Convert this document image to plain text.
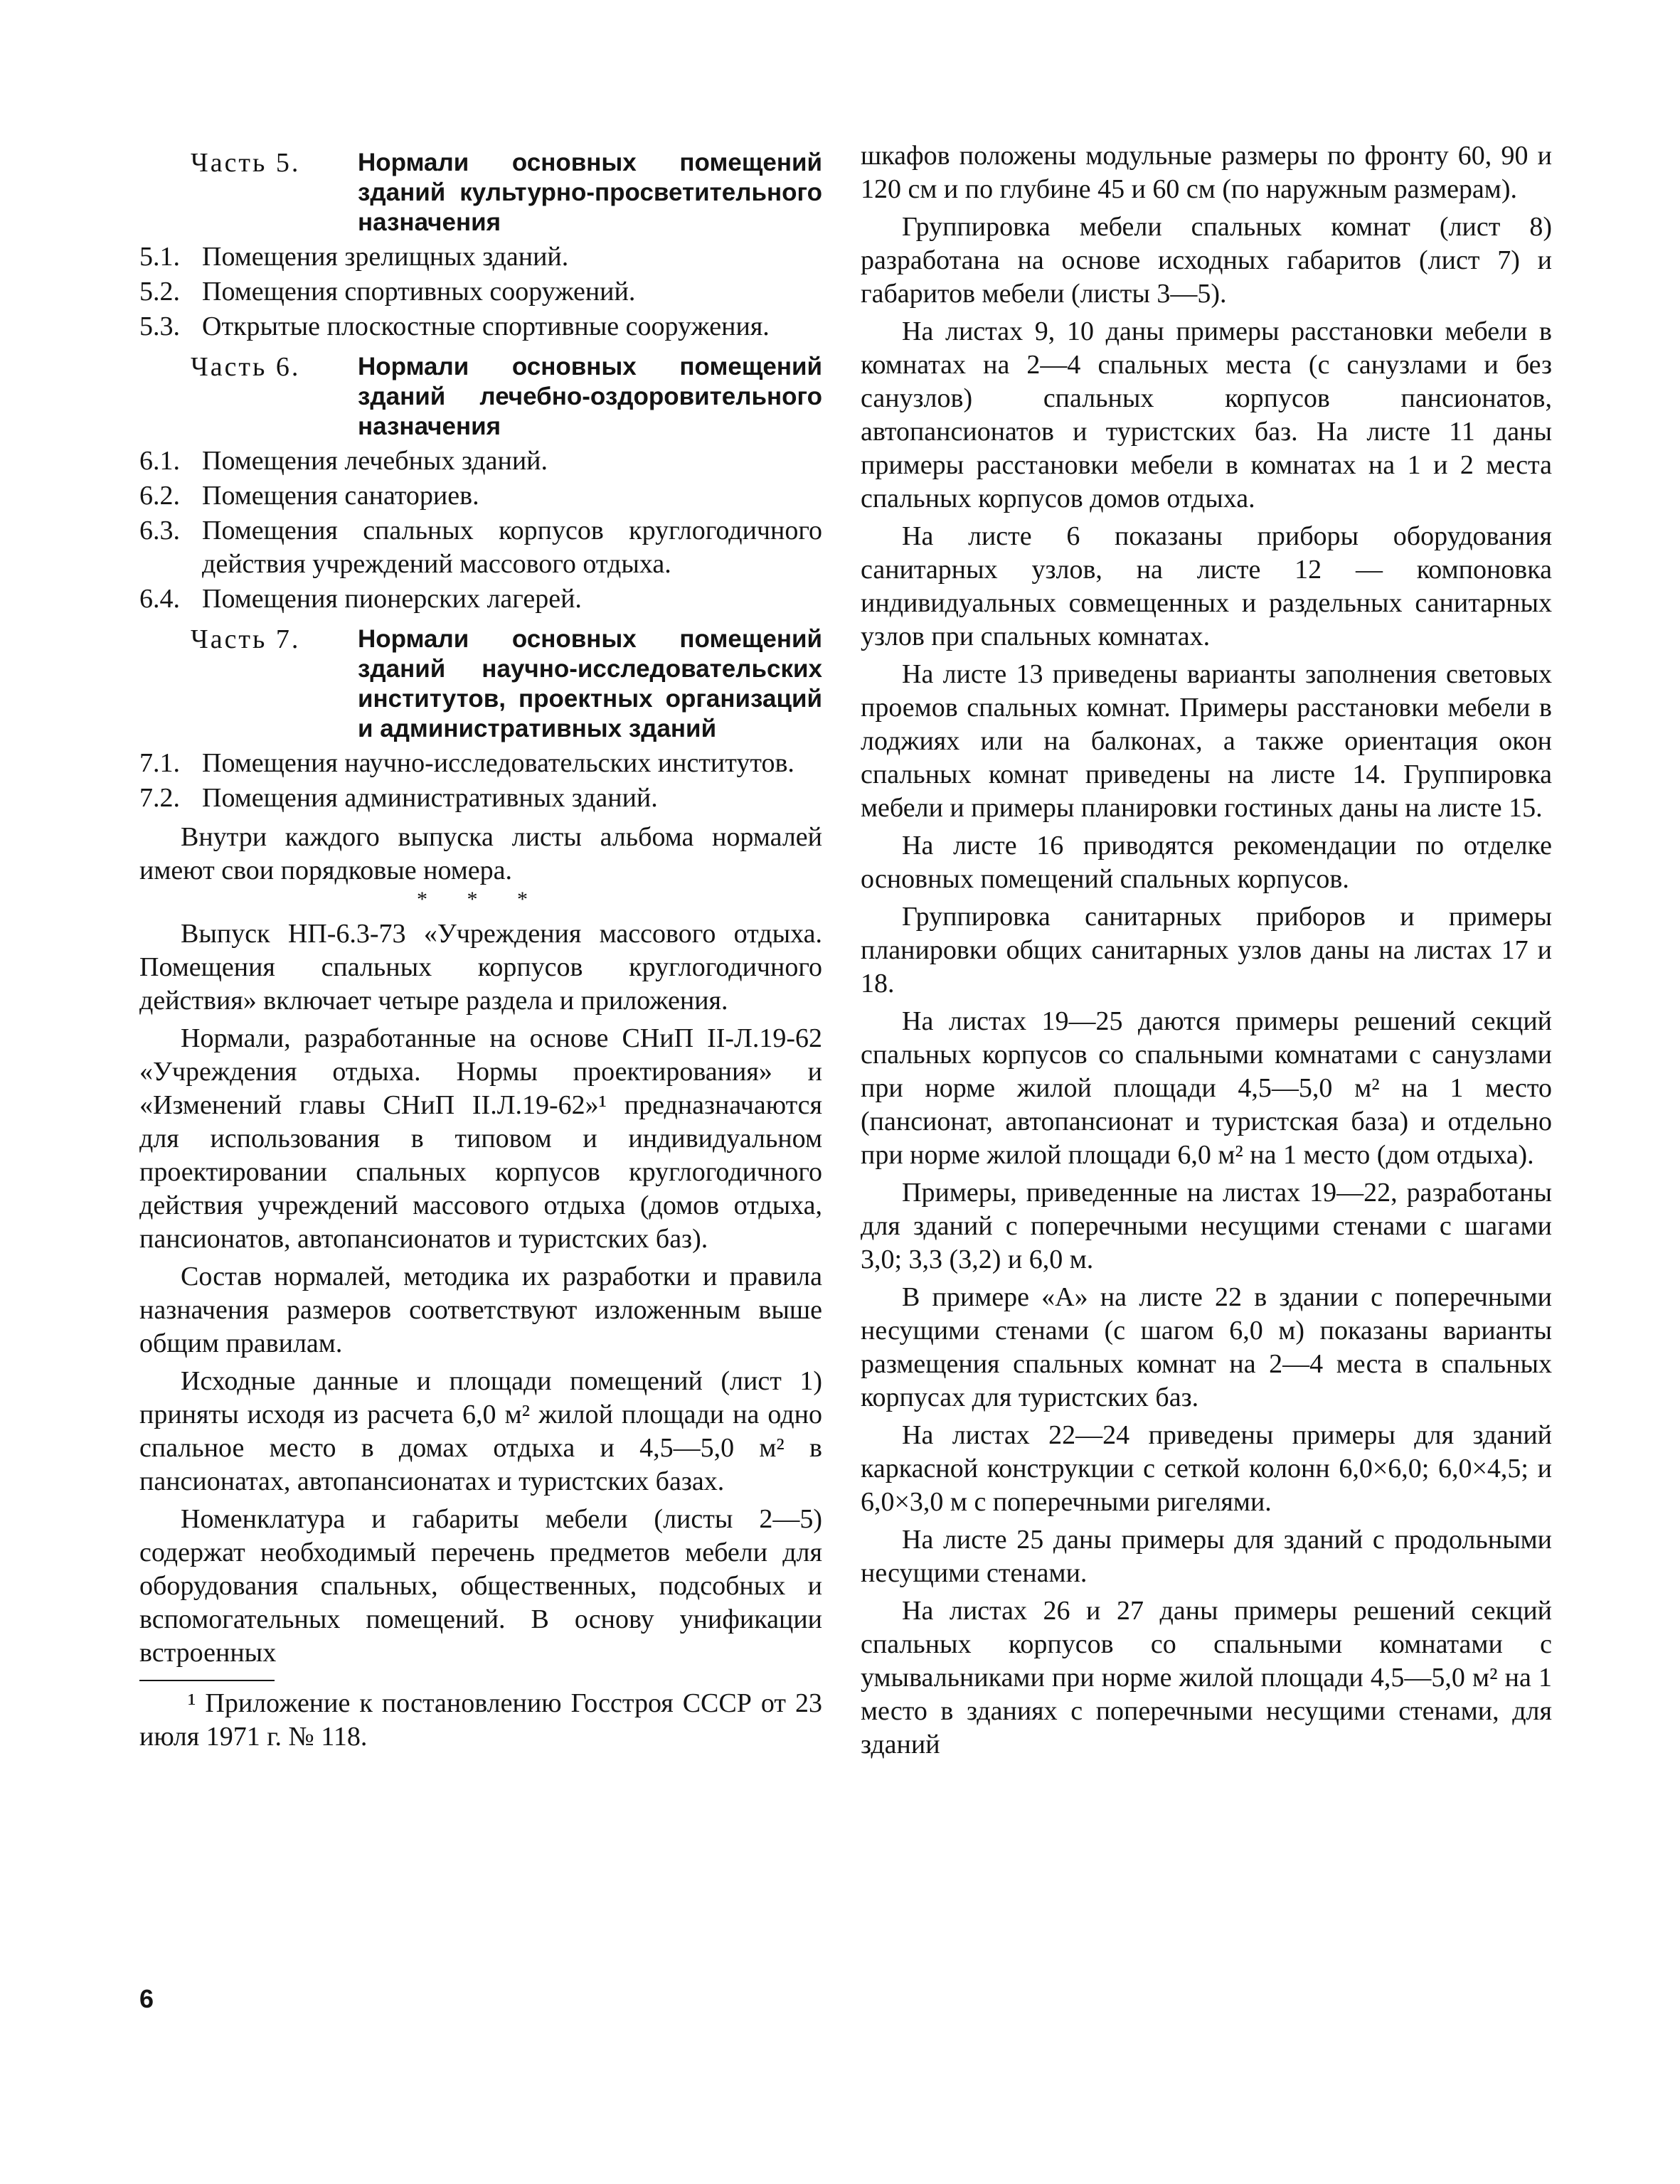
Часть 5.	Нормали основных помещений зданий культурно-просветительного назначения
5.1. Помещения зрелищных зданий.
5.2. Помещения спортивных сооружений.
5.3. Открытые плоскостные спортивные сооружения.
Часть 6.	Нормали основных помещений зданий лечебно-оздоровительного назначения
6.1. Помещения лечебных зданий.
6.2. Помещения санаториев.
6.3. Помещения спальных корпусов круглогодичного действия учреждений массового отдыха.
6.4. Помещения пионерских лагерей.
Часть 7.	Нормали основных помещений зданий научно-исследовательских институтов, проектных организаций и административных зданий
7.1. Помещения научно-исследовательских институтов.
7.2. Помещения административных зданий.

Внутри каждого выпуска листы альбома нормалей имеют свои порядковые номера.

* * *

Выпуск НП-6.3-73 «Учреждения массового отдыха. Помещения спальных корпусов круглогодичного действия» включает четыре раздела и приложения.

Нормали, разработанные на основе СНиП II-Л.19-62 «Учреждения отдыха. Нормы проектирования» и «Изменений главы СНиП II.Л.19-62»¹ предназначаются для использования в типовом и индивидуальном проектировании спальных корпусов круглогодичного действия учреждений массового отдыха (домов отдыха, пансионатов, автопансионатов и туристских баз).

Состав нормалей, методика их разработки и правила назначения размеров соответствуют изложенным выше общим правилам.

Исходные данные и площади помещений (лист 1) приняты исходя из расчета 6,0 м² жилой площади на одно спальное место в домах отдыха и 4,5—5,0 м² в пансионатах, автопансионатах и туристских базах.

Номенклатура и габариты мебели (листы 2—5) содержат необходимый перечень предметов мебели для оборудования спальных, общественных, подсобных и вспомогательных помещений. В основу унификации встроенных

¹ Приложение к постановлению Госстроя СССР от 23 июля 1971 г. № 118.

шкафов положены модульные размеры по фронту 60, 90 и 120 см и по глубине 45 и 60 см (по наружным размерам).

Группировка мебели спальных комнат (лист 8) разработана на основе исходных габаритов (лист 7) и габаритов мебели (листы 3—5).

На листах 9, 10 даны примеры расстановки мебели в комнатах на 2—4 спальных места (с санузлами и без санузлов) спальных корпусов пансионатов, автопансионатов и туристских баз. На листе 11 даны примеры расстановки мебели в комнатах на 1 и 2 места спальных корпусов домов отдыха.

На листе 6 показаны приборы оборудования санитарных узлов, на листе 12 — компоновка индивидуальных совмещенных и раздельных санитарных узлов при спальных комнатах.

На листе 13 приведены варианты заполнения световых проемов спальных комнат. Примеры расстановки мебели в лоджиях или на балконах, а также ориентация окон спальных комнат приведены на листе 14. Группировка мебели и примеры планировки гостиных даны на листе 15.

На листе 16 приводятся рекомендации по отделке основных помещений спальных корпусов.

Группировка санитарных приборов и примеры планировки общих санитарных узлов даны на листах 17 и 18.

На листах 19—25 даются примеры решений секций спальных корпусов со спальными комнатами с санузлами при норме жилой площади 4,5—5,0 м² на 1 место (пансионат, автопансионат и туристская база) и отдельно при норме жилой площади 6,0 м² на 1 место (дом отдыха).

Примеры, приведенные на листах 19—22, разработаны для зданий с поперечными несущими стенами с шагами 3,0; 3,3 (3,2) и 6,0 м.

В примере «А» на листе 22 в здании с поперечными несущими стенами (с шагом 6,0 м) показаны варианты размещения спальных комнат на 2—4 места в спальных корпусах для туристских баз.

На листах 22—24 приведены примеры для зданий каркасной конструкции с сеткой колонн 6,0×6,0; 6,0×4,5; и 6,0×3,0 м с поперечными ригелями.

На листе 25 даны примеры для зданий с продольными несущими стенами.

На листах 26 и 27 даны примеры решений секций спальных корпусов со спальными комнатами с умывальниками при норме жилой площади 4,5—5,0 м² на 1 место в зданиях с поперечными несущими стенами, для зданий

6
